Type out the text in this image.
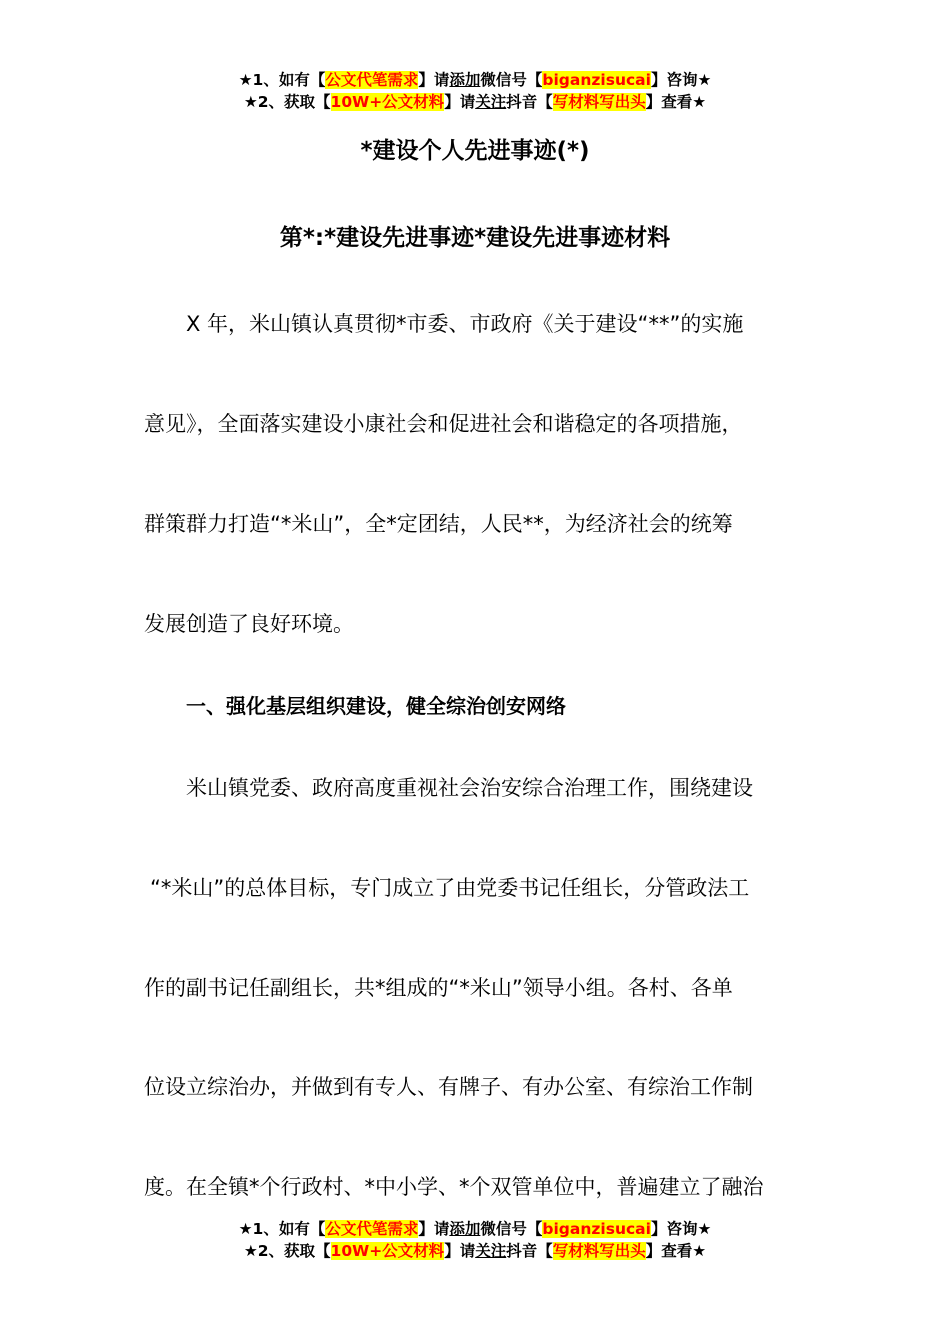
★1、如有【公文代笔需求】请添加微信号【biganzisucai】咨询★
★2、获取【10W+公文材料】请关注抖音【写材料写出头】查看★
*建设个人先进事迹(*)
第*:*建设先进事迹*建设先进事迹材料
X 年，米山镇认真贯彻*市委、市政府《关于建设“**”的实施
意见》，全面落实建设小康社会和促进社会和谐稳定的各项措施，
群策群力打造“*米山”，全*定团结，人民**，为经济社会的统筹
发展创造了良好环境。
一、强化基层组织建设，健全综治创安网络
米山镇党委、政府高度重视社会治安综合治理工作，围绕建设
“*米山”的总体目标，专门成立了由党委书记任组长，分管政法工
作的副书记任副组长，共*组成的“*米山”领导小组。各村、各单
位设立综治办，并做到有专人、有牌子、有办公室、有综治工作制
度。在全镇*个行政村、*中小学、*个双管单位中，普遍建立了融治
★1、如有【公文代笔需求】请添加微信号【biganzisucai】咨询★
★2、获取【10W+公文材料】请关注抖音【写材料写出头】查看★
